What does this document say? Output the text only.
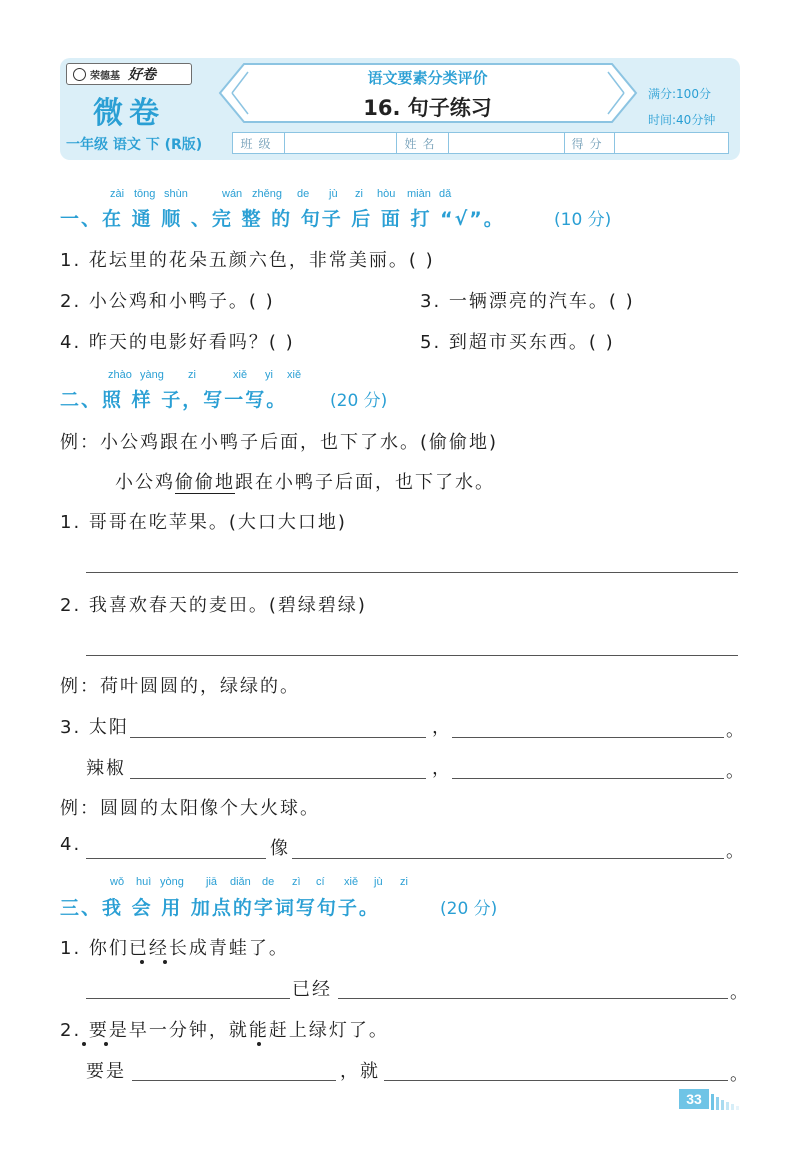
荣德基 好卷
微卷
一年级 语文 下 (R版)
语文要素分类评价
16. 句子练习
满分:100分
时间:40分钟
班级	姓名	得分
zài tōng shùn	wán zhěng de jù zi hòu miàn dǎ
一、在 通 顺 、完 整 的 句子 后 面 打 “√”。	(10 分)
1. 花坛里的花朵五颜六色，非常美丽。( )
2. 小公鸡和小鸭子。( )	3. 一辆漂亮的汽车。( )
4. 昨天的电影好看吗？( )	5. 到超市买东西。( )
zhào yàng zi	xiě yi xiě
二、照 样 子，写一写。	(20 分)
例：小公鸡跟在小鸭子后面，也下了水。(偷偷地)
小公鸡偷偷地跟在小鸭子后面，也下了水。
1. 哥哥在吃苹果。(大口大口地)
2. 我喜欢春天的麦田。(碧绿碧绿)
例：荷叶圆圆的，绿绿的。
3. 太阳	，	。
辣椒	，	。
例：圆圆的太阳像个大火球。
4.	像	。
wǒ huì yòng jiā diǎn de zì cí xiě jù zi
三、我 会 用 加点的字词写句子。	(20 分)
1. 你们已经长成青蛙了。
已经	。
2. 要是早一分钟，就能赶上绿灯了。
要是	，就	。
33
